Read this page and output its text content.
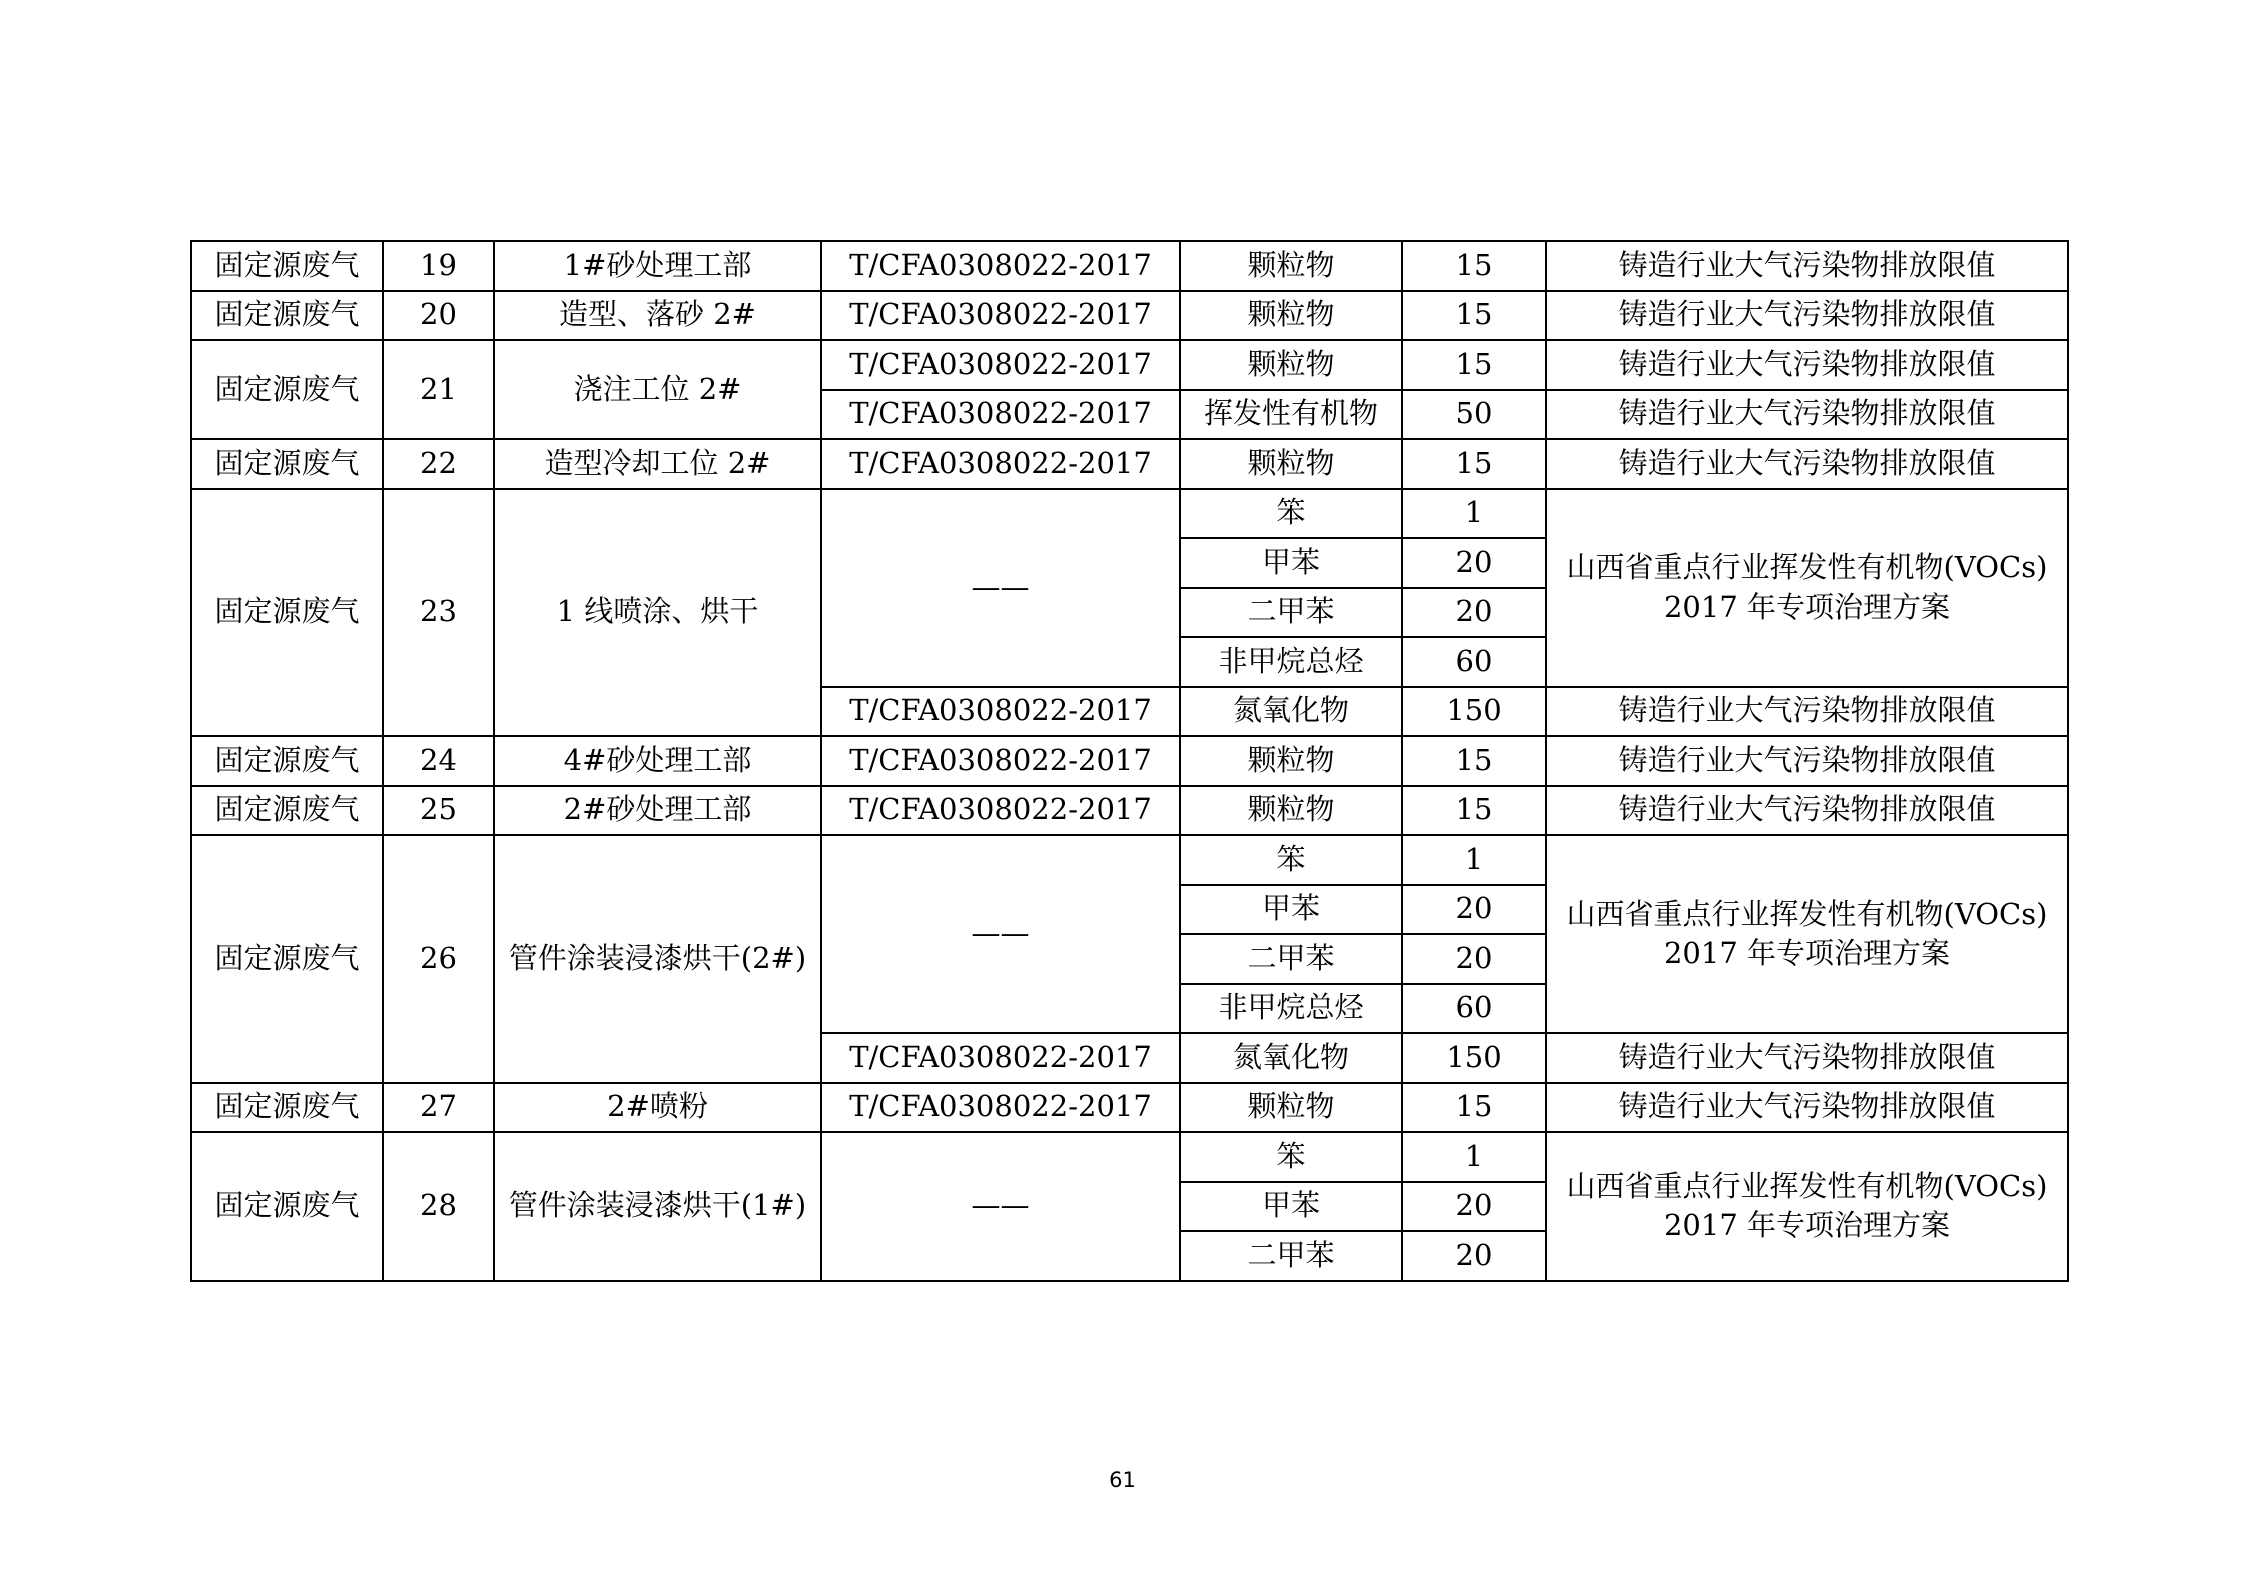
固定源废气	19	1#砂处理工部	T/CFA0308022-2017	颗粒物	15	铸造行业大气污染物排放限值
固定源废气	20	造型、落砂 2#	T/CFA0308022-2017	颗粒物	15	铸造行业大气污染物排放限值
固定源废气	21	浇注工位 2#	T/CFA0308022-2017	颗粒物	15	铸造行业大气污染物排放限值
			T/CFA0308022-2017	挥发性有机物	50	铸造行业大气污染物排放限值
固定源废气	22	造型冷却工位 2#	T/CFA0308022-2017	颗粒物	15	铸造行业大气污染物排放限值
固定源废气	23	1 线喷涂、烘干	——	笨	1	山西省重点行业挥发性有机物(VOCs) 2017 年专项治理方案
				甲苯	20	
				二甲苯	20	
				非甲烷总烃	60	
			T/CFA0308022-2017	氮氧化物	150	铸造行业大气污染物排放限值
固定源废气	24	4#砂处理工部	T/CFA0308022-2017	颗粒物	15	铸造行业大气污染物排放限值
固定源废气	25	2#砂处理工部	T/CFA0308022-2017	颗粒物	15	铸造行业大气污染物排放限值
固定源废气	26	管件涂装浸漆烘干(2#)	——	笨	1	山西省重点行业挥发性有机物(VOCs) 2017 年专项治理方案
				甲苯	20	
				二甲苯	20	
				非甲烷总烃	60	
			T/CFA0308022-2017	氮氧化物	150	铸造行业大气污染物排放限值
固定源废气	27	2#喷粉	T/CFA0308022-2017	颗粒物	15	铸造行业大气污染物排放限值
固定源废气	28	管件涂装浸漆烘干(1#)	——	笨	1	山西省重点行业挥发性有机物(VOCs) 2017 年专项治理方案
				甲苯	20	
				二甲苯	20	
61
